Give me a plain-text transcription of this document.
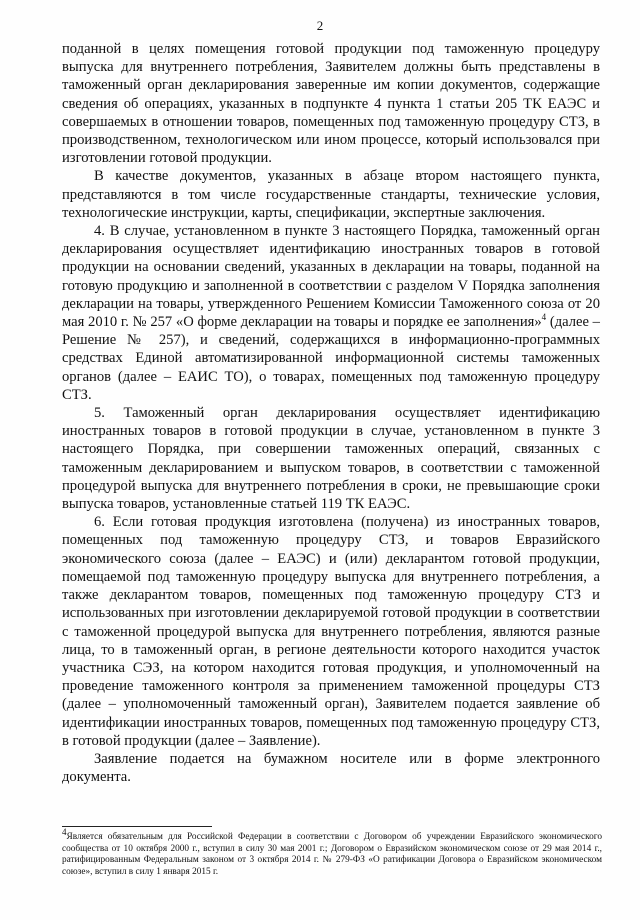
2

поданной в целях помещения готовой продукции под таможенную процедуру выпуска для внутреннего потребления, Заявителем должны быть представлены в таможенный орган декларирования заверенные им копии документов, содержащие сведения об операциях, указанных в подпункте 4 пункта 1 статьи 205 ТК ЕАЭС и совершаемых в отношении товаров, помещенных под таможенную процедуру СТЗ, в производственном, технологическом или ином процессе, который использовался при изготовлении готовой продукции.

В качестве документов, указанных в абзаце втором настоящего пункта, представляются в том числе государственные стандарты, технические условия, технологические инструкции, карты, спецификации, экспертные заключения.

4. В случае, установленном в пункте 3 настоящего Порядка, таможенный орган декларирования осуществляет идентификацию иностранных товаров в готовой продукции на основании сведений, указанных в декларации на товары, поданной на готовую продукцию и заполненной в соответствии с разделом V Порядка заполнения декларации на товары, утвержденного Решением Комиссии Таможенного союза от 20 мая 2010 г. № 257 «О форме декларации на товары и порядке ее заполнения»$^4$ (далее – Решение № 257), и сведений, содержащихся в информационно-программных средствах Единой автоматизированной информационной системы таможенных органов (далее – ЕАИС ТО), о товарах, помещенных под таможенную процедуру СТЗ.

5. Таможенный орган декларирования осуществляет идентификацию иностранных товаров в готовой продукции в случае, установленном в пункте 3 настоящего Порядка, при совершении таможенных операций, связанных с таможенным декларированием и выпуском товаров, в соответствии с таможенной процедурой выпуска для внутреннего потребления в сроки, не превышающие сроки выпуска товаров, установленные статьей 119 ТК ЕАЭС.

6. Если готовая продукция изготовлена (получена) из иностранных товаров, помещенных под таможенную процедуру СТЗ, и товаров Евразийского экономического союза (далее – ЕАЭС) и (или) декларантом готовой продукции, помещаемой под таможенную процедуру выпуска для внутреннего потребления, а также декларантом товаров, помещенных под таможенную процедуру СТЗ и использованных при изготовлении декларируемой готовой продукции в соответствии с таможенной процедурой выпуска для внутреннего потребления, являются разные лица, то в таможенный орган, в регионе деятельности которого находится участок участника СЭЗ, на котором находится готовая продукция, и уполномоченный на проведение таможенного контроля за применением таможенной процедуры СТЗ (далее – уполномоченный таможенный орган), Заявителем подается заявление об идентификации иностранных товаров, помещенных под таможенную процедуру СТЗ, в готовой продукции (далее – Заявление).

Заявление подается на бумажном носителе или в форме электронного документа.

$^4$Является обязательным для Российской Федерации в соответствии с Договором об учреждении Евразийского экономического сообщества от 10 октября 2000 г., вступил в силу 30 мая 2001 г.; Договором о Евразийском экономическом союзе от 29 мая 2014 г., ратифицированным Федеральным законом от 3 октября 2014 г. № 279-ФЗ «О ратификации Договора о Евразийском экономическом союзе», вступил в силу 1 января 2015 г.
